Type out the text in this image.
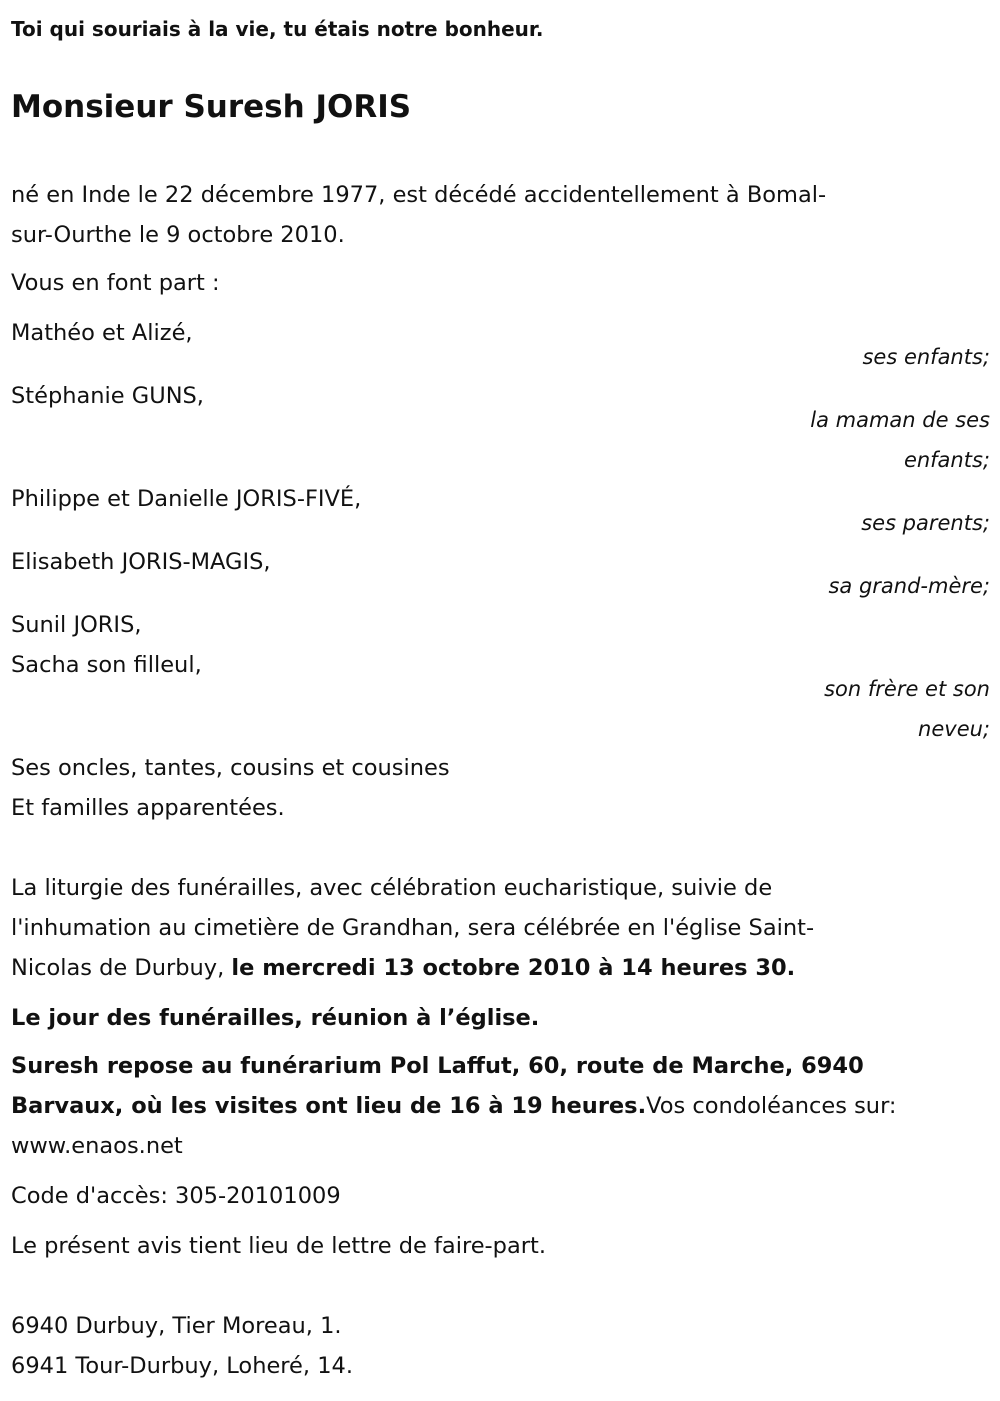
Toi qui souriais à la vie, tu étais notre bonheur.
Monsieur Suresh JORIS
né en Inde le 22 décembre 1977, est décédé accidentellement à Bomal-
sur-Ourthe le 9 octobre 2010.
Vous en font part :
Mathéo et Alizé,
ses enfants;
Stéphanie GUNS,
la maman de ses
enfants;
Philippe et Danielle JORIS-FIVÉ,
ses parents;
Elisabeth JORIS-MAGIS,
sa grand-mère;
Sunil JORIS,
Sacha son filleul,
son frère et son
neveu;
Ses oncles, tantes, cousins et cousines
Et familles apparentées.
La liturgie des funérailles, avec célébration eucharistique, suivie de
l'inhumation au cimetière de Grandhan, sera célébrée en l'église Saint-
Nicolas de Durbuy, le mercredi 13 octobre 2010 à 14 heures 30.
Le jour des funérailles, réunion à l’église.
Suresh repose au funérarium Pol Laffut, 60, route de Marche, 6940
Barvaux, où les visites ont lieu de 16 à 19 heures.Vos condoléances sur:
www.enaos.net
Code d'accès: 305-20101009
Le présent avis tient lieu de lettre de faire-part.
6940 Durbuy, Tier Moreau, 1.
6941 Tour-Durbuy, Loheré, 14.
